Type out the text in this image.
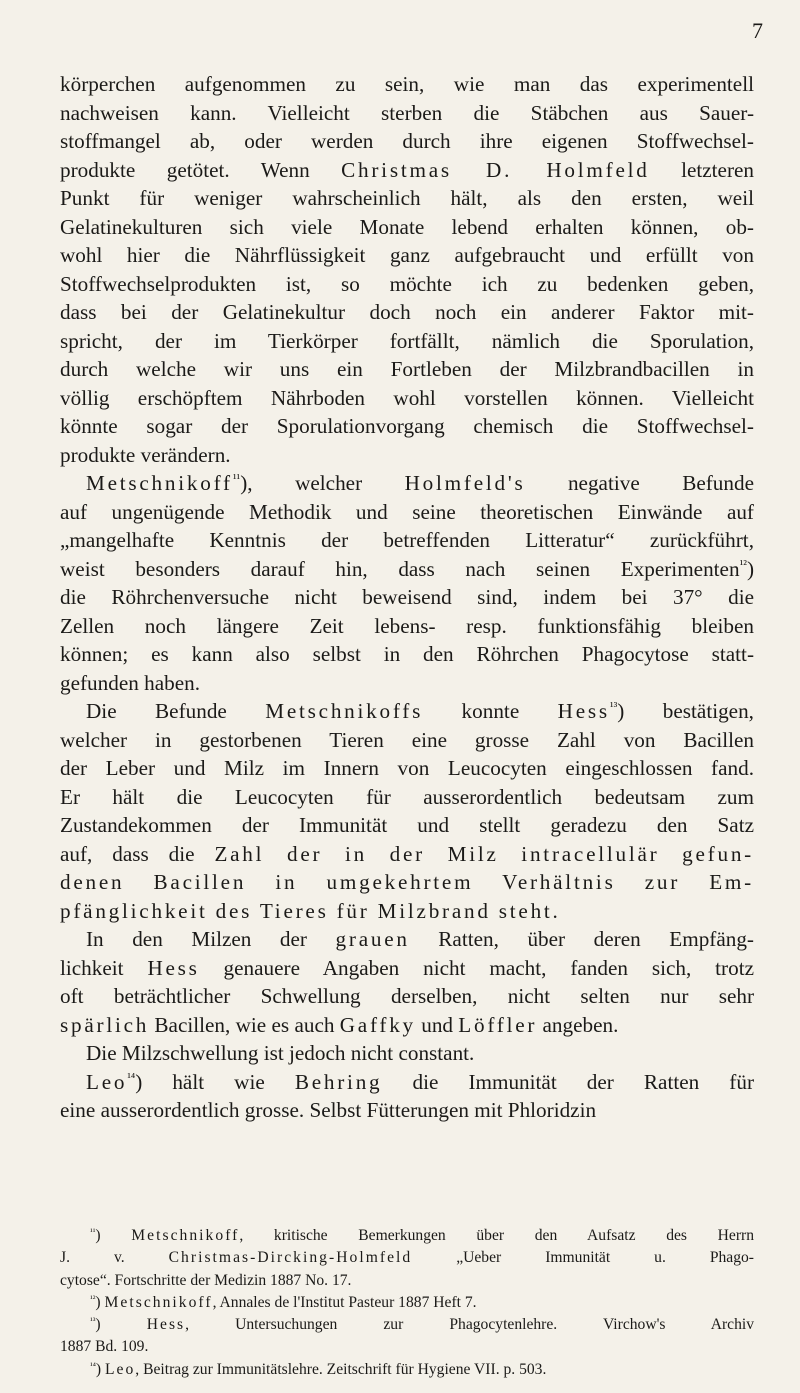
7
körperchen aufgenommen zu sein, wie man das experimentell
nachweisen kann. Vielleicht sterben die Stäbchen aus Sauer-
stoffmangel ab, oder werden durch ihre eigenen Stoffwechsel-
produkte getötet. Wenn Christmas D. Holmfeld letzteren
Punkt für weniger wahrscheinlich hält, als den ersten, weil
Gelatinekulturen sich viele Monate lebend erhalten können, ob-
wohl hier die Nährflüssigkeit ganz aufgebraucht und erfüllt von
Stoffwechselprodukten ist, so möchte ich zu bedenken geben,
dass bei der Gelatinekultur doch noch ein anderer Faktor mit-
spricht, der im Tierkörper fortfällt, nämlich die Sporulation,
durch welche wir uns ein Fortleben der Milzbrandbacillen in
völlig erschöpftem Nährboden wohl vorstellen können. Vielleicht
könnte sogar der Sporulationvorgang chemisch die Stoffwechsel-
produkte verändern.
Metschnikoff$^{^{11}}$), welcher Holmfeld's negative Befunde
auf ungenügende Methodik und seine theoretischen Einwände auf
„mangelhafte Kenntnis der betreffenden Litteratur“ zurückführt,
weist besonders darauf hin, dass nach seinen Experimenten$^{^{12}}$)
die Röhrchenversuche nicht beweisend sind, indem bei 37° die
Zellen noch längere Zeit lebens- resp. funktionsfähig bleiben
können; es kann also selbst in den Röhrchen Phagocytose statt-
gefunden haben.
Die Befunde Metschnikoffs konnte Hess$^{^{13}}$) bestätigen,
welcher in gestorbenen Tieren eine grosse Zahl von Bacillen
der Leber und Milz im Innern von Leucocyten eingeschlossen fand.
Er hält die Leucocyten für ausserordentlich bedeutsam zum
Zustandekommen der Immunität und stellt geradezu den Satz
auf, dass die Zahl der in der Milz intracellulär gefun-
denen Bacillen in umgekehrtem Verhältnis zur Em-
pfänglichkeit des Tieres für Milzbrand steht.
In den Milzen der grauen Ratten, über deren Empfäng-
lichkeit Hess genauere Angaben nicht macht, fanden sich, trotz
oft beträchtlicher Schwellung derselben, nicht selten nur sehr
spärlich Bacillen, wie es auch Gaffky und Löffler angeben.
Die Milzschwellung ist jedoch nicht constant.
Leo$^{^{14}}$) hält wie Behring die Immunität der Ratten für
eine ausserordentlich grosse. Selbst Fütterungen mit Phloridzin
$^{^{11}}$) Metschnikoff, kritische Bemerkungen über den Aufsatz des Herrn
J. v. Christmas-Dircking-Holmfeld „Ueber Immunität u. Phago-
cytose“. Fortschritte der Medizin 1887 No. 17.
$^{^{12}}$) Metschnikoff, Annales de l'Institut Pasteur 1887 Heft 7.
$^{^{13}}$) Hess, Untersuchungen zur Phagocytenlehre. Virchow's Archiv
1887 Bd. 109.
$^{^{14}}$) Leo, Beitrag zur Immunitätslehre. Zeitschrift für Hygiene VII. p. 503.
